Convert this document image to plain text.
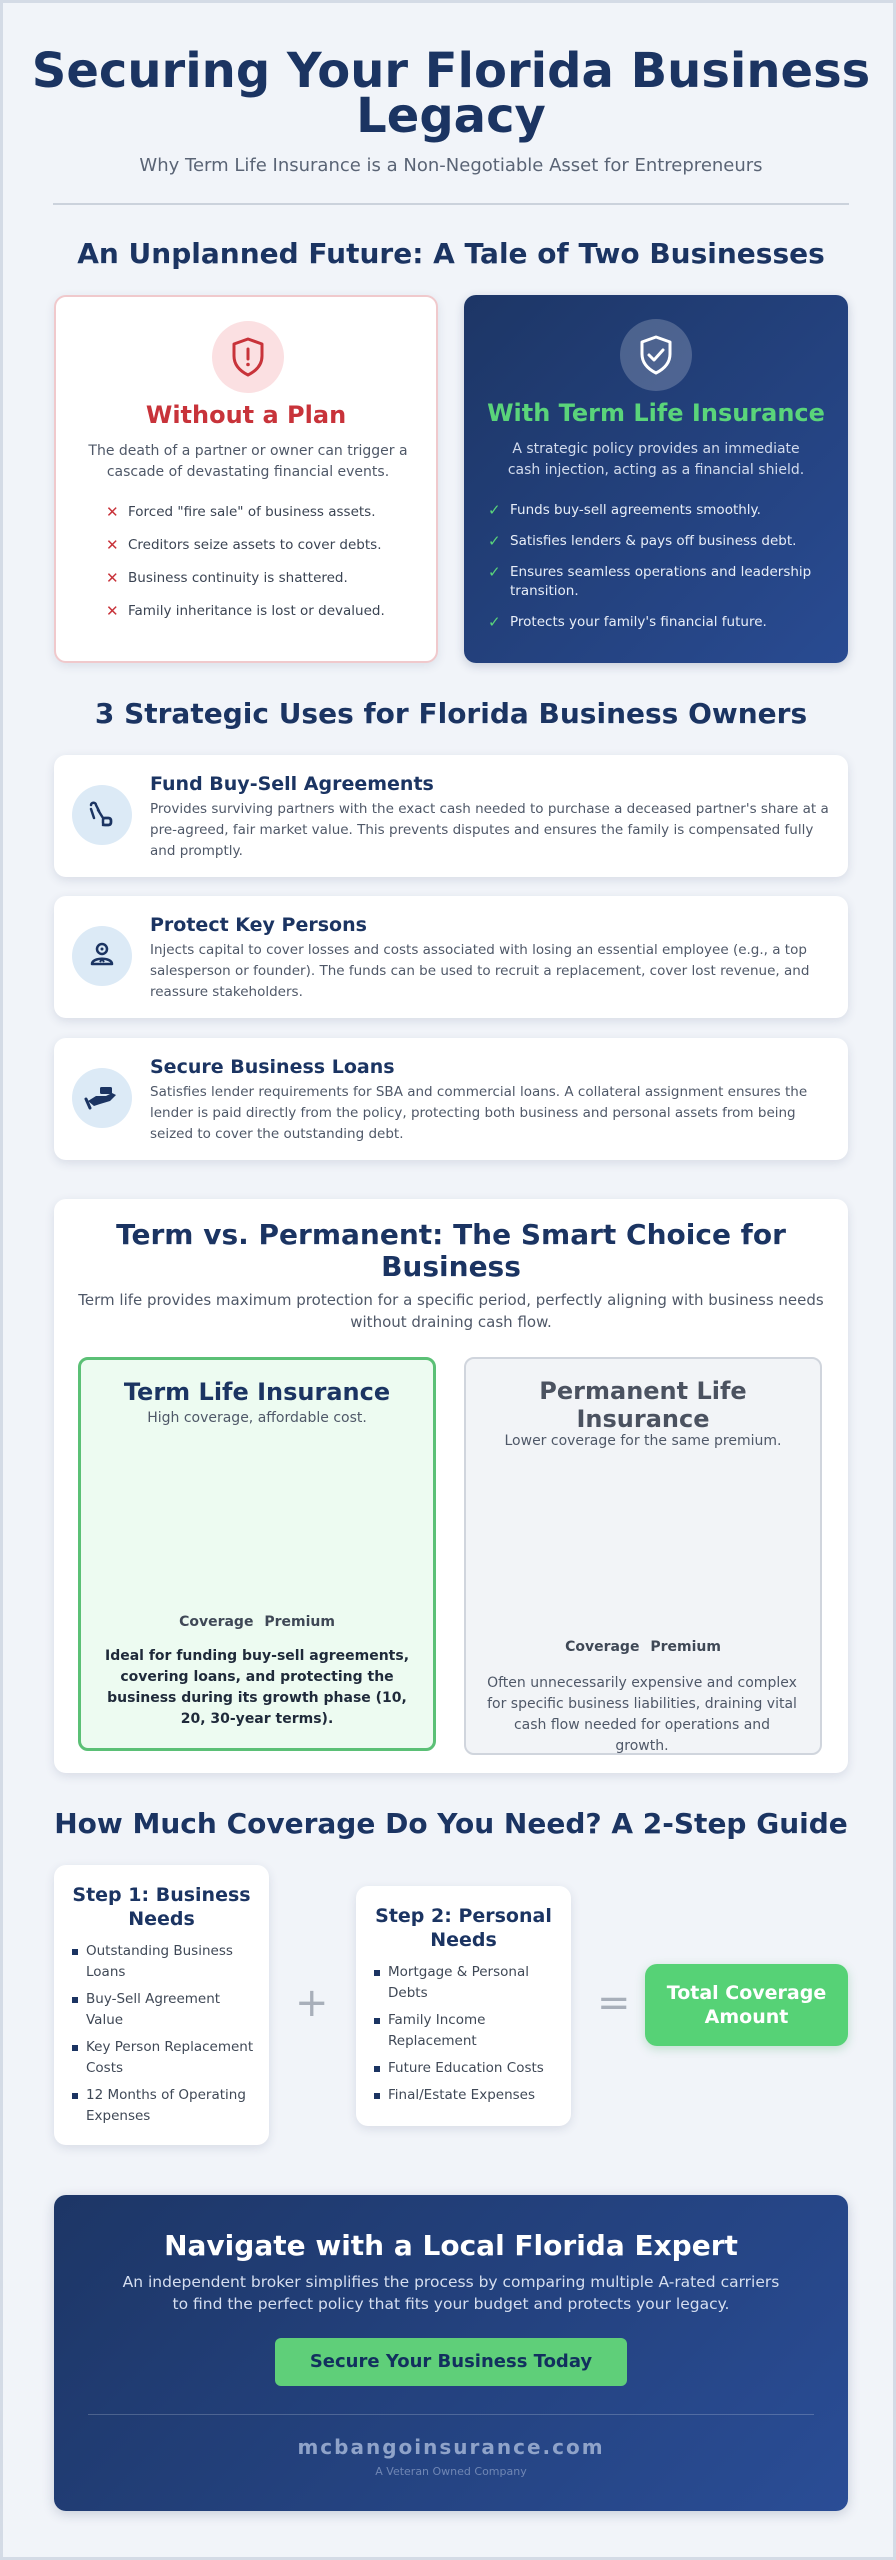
Securing Your Florida Business Legacy
Why Term Life Insurance is a Non-Negotiable Asset for Entrepreneurs
An Unplanned Future: A Tale of Two Businesses
Without a Plan
The death of a partner or owner can trigger a cascade of devastating financial events.
✕ Forced "fire sale" of business assets.
✕ Creditors seize assets to cover debts.
✕ Business continuity is shattered.
✕ Family inheritance is lost or devalued.
With Term Life Insurance
A strategic policy provides an immediate cash injection, acting as a financial shield.
✓ Funds buy-sell agreements smoothly.
✓ Satisfies lenders & pays off business debt.
✓ Ensures seamless operations and leadership transition.
✓ Protects your family's financial future.
3 Strategic Uses for Florida Business Owners
Fund Buy-Sell Agreements
Provides surviving partners with the exact cash needed to purchase a deceased partner's share at a pre-agreed, fair market value. This prevents disputes and ensures the family is compensated fully and promptly.
Protect Key Persons
Injects capital to cover losses and costs associated with losing an essential employee (e.g., a top salesperson or founder). The funds can be used to recruit a replacement, cover lost revenue, and reassure stakeholders.
Secure Business Loans
Satisfies lender requirements for SBA and commercial loans. A collateral assignment ensures the lender is paid directly from the policy, protecting both business and personal assets from being seized to cover the outstanding debt.
Term vs. Permanent: The Smart Choice for Business
Term life provides maximum protection for a specific period, perfectly aligning with business needs without draining cash flow.
Term Life Insurance
High coverage, affordable cost.
Coverage Premium
Ideal for funding buy-sell agreements, covering loans, and protecting the business during its growth phase (10, 20, 30-year terms).
Permanent Life Insurance
Lower coverage for the same premium.
Coverage Premium
Often unnecessarily expensive and complex for specific business liabilities, draining vital cash flow needed for operations and growth.
How Much Coverage Do You Need? A 2-Step Guide
Step 1: Business Needs
Outstanding Business Loans
Buy-Sell Agreement Value
Key Person Replacement Costs
12 Months of Operating Expenses
+
Step 2: Personal Needs
Mortgage & Personal Debts
Family Income Replacement
Future Education Costs
Final/Estate Expenses
=	Total Coverage Amount
Navigate with a Local Florida Expert
An independent broker simplifies the process by comparing multiple A-rated carriers to find the perfect policy that fits your budget and protects your legacy.
Secure Your Business Today
mcbangoinsurance.com
A Veteran Owned Company
